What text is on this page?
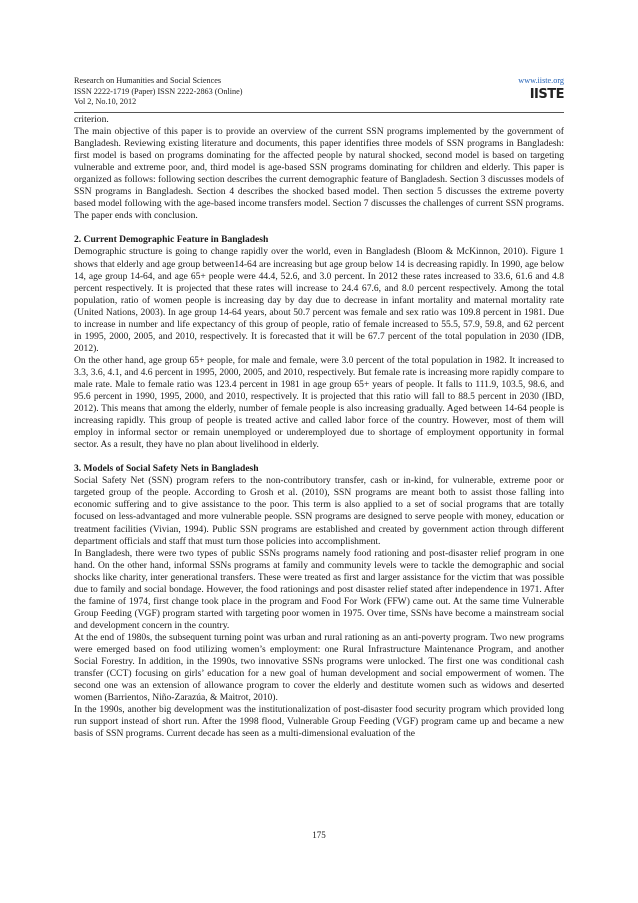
Research on Humanities and Social Sciences
ISSN 2222-1719 (Paper) ISSN 2222-2863 (Online)
Vol 2, No.10, 2012
www.iiste.org
IISTE

criterion.

The main objective of this paper is to provide an overview of the current SSN programs implemented by the government of Bangladesh. Reviewing existing literature and documents, this paper identifies three models of SSN programs in Bangladesh: first model is based on programs dominating for the affected people by natural shocked, second model is based on targeting vulnerable and extreme poor, and, third model is age-based SSN programs dominating for children and elderly. This paper is organized as follows: following section describes the current demographic feature of Bangladesh. Section 3 discusses models of SSN programs in Bangladesh. Section 4 describes the shocked based model. Then section 5 discusses the extreme poverty based model following with the age-based income transfers model. Section 7 discusses the challenges of current SSN programs. The paper ends with conclusion.

2. Current Demographic Feature in Bangladesh

Demographic structure is going to change rapidly over the world, even in Bangladesh (Bloom & McKinnon, 2010). Figure 1 shows that elderly and age group between14-64 are increasing but age group below 14 is decreasing rapidly. In 1990, age below 14, age group 14-64, and age 65+ people were 44.4, 52.6, and 3.0 percent. In 2012 these rates increased to 33.6, 61.6 and 4.8 percent respectively. It is projected that these rates will increase to 24.4 67.6, and 8.0 percent respectively. Among the total population, ratio of women people is increasing day by day due to decrease in infant mortality and maternal mortality rate (United Nations, 2003). In age group 14-64 years, about 50.7 percent was female and sex ratio was 109.8 percent in 1981. Due to increase in number and life expectancy of this group of people, ratio of female increased to 55.5, 57.9, 59.8, and 62 percent in 1995, 2000, 2005, and 2010, respectively. It is forecasted that it will be 67.7 percent of the total population in 2030 (IDB, 2012).

On the other hand, age group 65+ people, for male and female, were 3.0 percent of the total population in 1982. It increased to 3.3, 3.6, 4.1, and 4.6 percent in 1995, 2000, 2005, and 2010, respectively. But female rate is increasing more rapidly compare to male rate. Male to female ratio was 123.4 percent in 1981 in age group 65+ years of people. It falls to 111.9, 103.5, 98.6, and 95.6 percent in 1990, 1995, 2000, and 2010, respectively. It is projected that this ratio will fall to 88.5 percent in 2030 (IBD, 2012). This means that among the elderly, number of female people is also increasing gradually. Aged between 14-64 people is increasing rapidly. This group of people is treated active and called labor force of the country. However, most of them will employ in informal sector or remain unemployed or underemployed due to shortage of employment opportunity in formal sector. As a result, they have no plan about livelihood in elderly.

3. Models of Social Safety Nets in Bangladesh

Social Safety Net (SSN) program refers to the non-contributory transfer, cash or in-kind, for vulnerable, extreme poor or targeted group of the people. According to Grosh et al. (2010), SSN programs are meant both to assist those falling into economic suffering and to give assistance to the poor. This term is also applied to a set of social programs that are totally focused on less-advantaged and more vulnerable people. SSN programs are designed to serve people with money, education or treatment facilities (Vivian, 1994). Public SSN programs are established and created by government action through different department officials and staff that must turn those policies into accomplishment.

In Bangladesh, there were two types of public SSNs programs namely food rationing and post-disaster relief program in one hand. On the other hand, informal SSNs programs at family and community levels were to tackle the demographic and social shocks like charity, inter generational transfers. These were treated as first and larger assistance for the victim that was possible due to family and social bondage. However, the food rationings and post disaster relief stated after independence in 1971. After the famine of 1974, first change took place in the program and Food For Work (FFW) came out. At the same time Vulnerable Group Feeding (VGF) program started with targeting poor women in 1975. Over time, SSNs have become a mainstream social and development concern in the country.

At the end of 1980s, the subsequent turning point was urban and rural rationing as an anti-poverty program. Two new programs were emerged based on food utilizing women’s employment: one Rural Infrastructure Maintenance Program, and another Social Forestry. In addition, in the 1990s, two innovative SSNs programs were unlocked. The first one was conditional cash transfer (CCT) focusing on girls’ education for a new goal of human development and social empowerment of women. The second one was an extension of allowance program to cover the elderly and destitute women such as widows and deserted women (Barrientos, Niño-Zarazúa, & Maitrot, 2010).

In the 1990s, another big development was the institutionalization of post-disaster food security program which provided long run support instead of short run. After the 1998 flood, Vulnerable Group Feeding (VGF) program came up and became a new basis of SSN programs. Current decade has seen as a multi-dimensional evaluation of the

175
